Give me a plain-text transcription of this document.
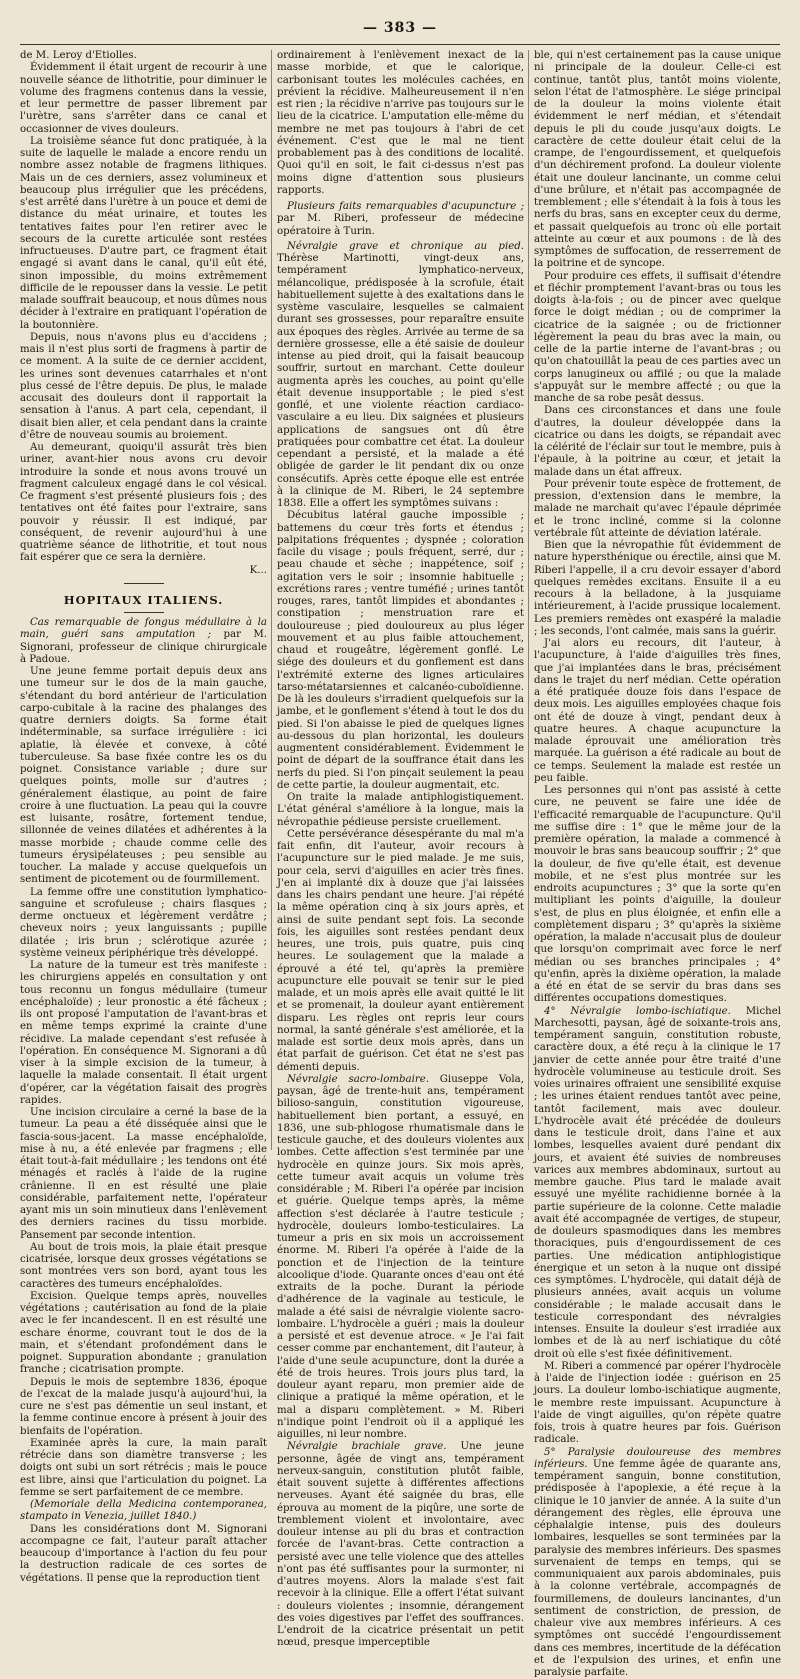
— 383 —

de M. Leroy d'Etiolles.

Évidemment il était urgent de recourir à une nouvelle séance de lithotritie, pour diminuer le volume des fragmens contenus dans la vessie, et leur permettre de passer librement par l'urètre, sans s'arrêter dans ce canal et occasionner de vives douleurs.

La troisième séance fut donc pratiquée, à la suite de laquelle le malade a encore rendu un nombre assez notable de fragmens lithiques. Mais un de ces derniers, assez volumineux et beaucoup plus irrégulier que les précédens, s'est arrêté dans l'urètre à un pouce et demi de distance du méat urinaire, et toutes les tentatives faites pour l'en retirer avec le secours de la curette articulée sont restées infructueuses. D'autre part, ce fragment était engagé si avant dans le canal, qu'il eût été, sinon impossible, du moins extrêmement difficile de le repousser dans la vessie. Le petit malade souffrait beaucoup, et nous dûmes nous décider à l'extraire en pratiquant l'opération de la boutonnière.

Depuis, nous n'avons plus eu d'accidens ; mais il n'est plus sorti de fragmens à partir de ce moment. A la suite de ce dernier accident, les urines sont devenues catarrhales et n'ont plus cessé de l'être depuis. De plus, le malade accusait des douleurs dont il rapportait la sensation à l'anus. A part cela, cependant, il disait bien aller, et cela pendant dans la crainte d'être de nouveau soumis au broiement.

Au demeurant, quoiqu'il assurât très bien uriner, avant-hier nous avons cru devoir introduire la sonde et nous avons trouvé un fragment calculeux engagé dans le col vésical. Ce fragment s'est présenté plusieurs fois ; des tentatives ont été faites pour l'extraire, sans pouvoir y réussir. Il est indiqué, par conséquent, de revenir aujourd'hui à une quatrième séance de lithotritie, et tout nous fait espérer que ce sera la dernière.

K...

HOPITAUX ITALIENS.

Cas remarquable de fongus médullaire à la main, guéri sans amputation ; par M. Signorani, professeur de clinique chirurgicale à Padoue.

Une jeune femme portait depuis deux ans une tumeur sur le dos de la main gauche, s'étendant du bord antérieur de l'articulation carpo-cubitale à la racine des phalanges des quatre derniers doigts. Sa forme était indéterminable, sa surface irrégulière : ici aplatie, là élevée et convexe, à côté tuberculeuse. Sa base fixée contre les os du poignet. Consistance variable ; dure sur quelques points, molle sur d'autres ; généralement élastique, au point de faire croire à une fluctuation. La peau qui la couvre est luisante, rosâtre, fortement tendue, sillonnée de veines dilatées et adhérentes à la masse morbide ; chaude comme celle des tumeurs érysipélateuses ; peu sensible au toucher. La malade y accuse quelquefois un sentiment de picotement ou de fourmillement.

La femme offre une constitution lymphatico-sanguine et scrofuleuse ; chairs flasques ; derme onctueux et légèrement verdâtre ; cheveux noirs ; yeux languissants ; pupille dilatée ; iris brun ; sclérotique azurée ; système veineux périphérique très développé.

La nature de la tumeur est très manifeste : les chirurgiens appelés en consultation y ont tous reconnu un fongus médullaire (tumeur encéphaloïde) ; leur pronostic a été fâcheux ; ils ont proposé l'amputation de l'avant-bras et en même temps exprimé la crainte d'une récidive. La malade cependant s'est refusée à l'opération. En conséquence M. Signorani a dû viser à la simple excision de la tumeur, à laquelle la malade consentait. Il était urgent d'opérer, car la végétation faisait des progrès rapides.

Une incision circulaire a cerné la base de la tumeur. La peau a été disséquée ainsi que le fascia-sous-jacent. La masse encéphaloïde, mise à nu, a été enlevée par fragmens ; elle était tout-à-fait médullaire ; les tendons ont été ménagés et raclés à l'aide de la rugine crânienne. Il en est résulté une plaie considérable, parfaitement nette, l'opérateur ayant mis un soin minutieux dans l'enlèvement des derniers racines du tissu morbide. Pansement par seconde intention.

Au bout de trois mois, la plaie était presque cicatrisée, lorsque deux grosses végétations se sont montrées vers son bord, ayant tous les caractères des tumeurs encéphaloïdes.

Excision. Quelque temps après, nouvelles végétations ; cautérisation au fond de la plaie avec le fer incandescent. Il en est résulté une eschare énorme, couvrant tout le dos de la main, et s'étendant profondément dans le poignet. Suppuration abondante ; granulation franche ; cicatrisation prompte.

Depuis le mois de septembre 1836, époque de l'excat de la malade jusqu'à aujourd'hui, la cure ne s'est pas démentie un seul instant, et la femme continue encore à présent à jouir des bienfaits de l'opération.

Examinée après la cure, la main paraît rétrécie dans son diamètre transverse ; les doigts ont subi un sort rétrécis ; mais le pouce est libre, ainsi que l'articulation du poignet. La femme se sert parfaitement de ce membre.

(Memoriale della Medicina contemporanea, stampato in Venezia, juillet 1840.)

Dans les considérations dont M. Signorani accompagne ce fait, l'auteur paraît attacher beaucoup d'importance à l'action du feu pour la destruction radicale de ces sortes de végétations. Il pense que la reproduction tient

ordinairement à l'enlèvement inexact de la masse morbide, et que le calorique, carbonisant toutes les molécules cachées, en prévient la récidive. Malheureusement il n'en est rien ; la récidive n'arrive pas toujours sur le lieu de la cicatrice. L'amputation elle-même du membre ne met pas toujours à l'abri de cet événement. C'est que le mal ne tient probablement pas à des conditions de localité. Quoi qu'il en soit, le fait ci-dessus n'est pas moins digne d'attention sous plusieurs rapports.

Plusieurs faits remarquables d'acupuncture ; par M. Riberi, professeur de médecine opératoire à Turin.

Névralgie grave et chronique au pied. Thérèse Martinotti, vingt-deux ans, tempérament lymphatico-nerveux, mélancolique, prédisposée à la scrofule, était habituellement sujette à des exaltations dans le système vasculaire, lesquelles se calmaient durant ses grossesses, pour reparaître ensuite aux époques des règles. Arrivée au terme de sa dernière grossesse, elle a été saisie de douleur intense au pied droit, qui la faisait beaucoup souffrir, surtout en marchant. Cette douleur augmenta après les couches, au point qu'elle était devenue insupportable ; le pied s'est gonflé, et une violente réaction cardiaco-vasculaire a eu lieu. Dix saignées et plusieurs applications de sangsues ont dû être pratiquées pour combattre cet état. La douleur cependant a persisté, et la malade a été obligée de garder le lit pendant dix ou onze consécutifs. Après cette époque elle est entrée à la clinique de M. Riberi, le 24 septembre 1838. Elle a offert les symptômes suivans :

Décubitus latéral gauche impossible ; battemens du cœur très forts et étendus ; palpitations fréquentes ; dyspnée ; coloration facile du visage ; pouls fréquent, serré, dur ; peau chaude et sèche ; inappétence, soif ; agitation vers le soir ; insomnie habituelle ; excrétions rares ; ventre tuméfié ; urines tantôt rouges, rares, tantôt limpides et abondantes ; constipation ; menstruation rare et douloureuse ; pied douloureux au plus léger mouvement et au plus faible attouchement, chaud et rougeâtre, légèrement gonflé. Le siége des douleurs et du gonflement est dans l'extrémité externe des lignes articulaires tarso-métatarsiennes et calcanéo-cuboïdienne. De là les douleurs s'irradient quelquefois sur la jambe, et le gonflement s'étend à tout le dos du pied. Si l'on abaisse le pied de quelques lignes au-dessous du plan horizontal, les douleurs augmentent considérablement. Évidemment le point de départ de la souffrance était dans les nerfs du pied. Si l'on pinçait seulement la peau de cette partie, la douleur augmentait, etc.

On traite la malade antiphlogistiquement. L'état général s'améliore à la longue, mais la névropathie pédieuse persiste cruellement.

Cette persévérance désespérante du mal m'a fait enfin, dit l'auteur, avoir recours à l'acupuncture sur le pied malade. Je me suis, pour cela, servi d'aiguilles en acier très fines. J'en ai implanté dix à douze que j'ai laissées dans les chairs pendant une heure. J'ai répété la même opération cinq à six jours après, et ainsi de suite pendant sept fois. La seconde fois, les aiguilles sont restées pendant deux heures, une trois, puis quatre, puis cinq heures. Le soulagement que la malade a éprouvé a été tel, qu'après la première acupuncture elle pouvait se tenir sur le pied malade, et un mois après elle avait quitté le lit et se promenait, la douleur ayant entièrement disparu. Les règles ont repris leur cours normal, la santé générale s'est améliorée, et la malade est sortie deux mois après, dans un état parfait de guérison. Cet état ne s'est pas démenti depuis.

Névralgie sacro-lombaire. Giuseppe Vola, paysan, âgé de trente-huit ans, tempérament bilioso-sanguin, constitution vigoureuse, habituellement bien portant, a essuyé, en 1836, une sub-phlogose rhumatismale dans le testicule gauche, et des douleurs violentes aux lombes. Cette affection s'est terminée par une hydrocèle en quinze jours. Six mois après, cette tumeur avait acquis un volume très considérable ; M. Riberi l'a opérée par incision et guérie. Quelque temps après, la même affection s'est déclarée à l'autre testicule ; hydrocèle, douleurs lombo-testiculaires. La tumeur a pris en six mois un accroissement énorme. M. Riberi l'a opérée à l'aide de la ponction et de l'injection de la teinture alcoolique d'iode. Quarante onces d'eau ont été extraits de la poche. Durant la période d'adhérence de la vaginale au testicule, le malade a été saisi de névralgie violente sacro-lombaire. L'hydrocèle a guéri ; mais la douleur a persisté et est devenue atroce. « Je l'ai fait cesser comme par enchantement, dit l'auteur, à l'aide d'une seule acupuncture, dont la durée a été de trois heures. Trois jours plus tard, la douleur ayant reparu, mon premier aide de clinique a pratiqué la même opération, et le mal a disparu complètement. » M. Riberi n'indique point l'endroit où il a appliqué les aiguilles, ni leur nombre.

Névralgie brachiale grave. Une jeune personne, âgée de vingt ans, tempérament nerveux-sanguin, constitution plutôt faible, était souvent sujette à différentes affections nerveuses. Ayant été saignée du bras, elle éprouva au moment de la piqûre, une sorte de tremblement violent et involontaire, avec douleur intense au pli du bras et contraction forcée de l'avant-bras. Cette contraction a persisté avec une telle violence que des attelles n'ont pas été suffisantes pour la surmonter, ni d'autres moyens. Alors la malade s'est fait recevoir à la clinique. Elle a offert l'état suivant : douleurs violentes ; insomnie, dérangement des voies digestives par l'effet des souffrances. L'endroit de la cicatrice présentait un petit nœud, presque imperceptible

ble, qui n'est certainement pas la cause unique ni principale de la douleur. Celle-ci est continue, tantôt plus, tantôt moins violente, selon l'état de l'atmosphère. Le siége principal de la douleur la moins violente était évidemment le nerf médian, et s'étendait depuis le pli du coude jusqu'aux doigts. Le caractère de cette douleur était celui de la crampe, de l'engourdissement, et quelquefois d'un déchirement profond. La douleur violente était une douleur lancinante, un comme celui d'une brûlure, et n'était pas accompagnée de tremblement ; elle s'étendait à la fois à tous les nerfs du bras, sans en excepter ceux du derme, et passait quelquefois au tronc où elle portait atteinte au cœur et aux poumons : de là des symptômes de suffocation, de resserrement de la poitrine et de syncope.

Pour produire ces effets, il suffisait d'étendre et fléchir promptement l'avant-bras ou tous les doigts à-la-fois ; ou de pincer avec quelque force le doigt médian ; ou de comprimer la cicatrice de la saignée ; ou de frictionner légèrement la peau du bras avec la main, ou celle de la partie interne de l'avant-bras ; ou qu'on chatouillât la peau de ces parties avec un corps lanugineux ou affilé ; ou que la malade s'appuyât sur le membre affecté ; ou que la manche de sa robe pesât dessus.

Dans ces circonstances et dans une foule d'autres, la douleur développée dans la cicatrice ou dans les doigts, se répandait avec la célérité de l'éclair sur tout le membre, puis à l'épaule, à la poitrine au cœur, et jetait la malade dans un état affreux.

Pour prévenir toute espèce de frottement, de pression, d'extension dans le membre, la malade ne marchait qu'avec l'épaule déprimée et le tronc incliné, comme si la colonne vertébrale fût atteinte de déviation latérale.

Bien que la névropathie fût évidemment de nature hypersthénique ou érectile, ainsi que M. Riberi l'appelle, il a cru devoir essayer d'abord quelques remèdes excitans. Ensuite il a eu recours à la belladone, à la jusquiame intérieurement, à l'acide prussique localement. Les premiers remèdes ont exaspéré la maladie ; les seconds, l'ont calmée, mais sans la guérir.

J'ai alors eu recours, dit l'auteur, à l'acupuncture, à l'aide d'aiguilles très fines, que j'ai implantées dans le bras, précisément dans le trajet du nerf médian. Cette opération a été pratiquée douze fois dans l'espace de deux mois. Les aiguilles employées chaque fois ont été de douze à vingt, pendant deux à quatre heures. A chaque acupuncture la malade éprouvait une amélioration très marquée. La guérison a été radicale au bout de ce temps. Seulement la malade est restée un peu faible.

Les personnes qui n'ont pas assisté à cette cure, ne peuvent se faire une idée de l'efficacité remarquable de l'acupuncture. Qu'il me suffise dire : 1° que le même jour de la première opération, la malade a commencé à mouvoir le bras sans beaucoup souffrir ; 2° que la douleur, de five qu'elle était, est devenue mobile, et ne s'est plus montrée sur les endroits acupunctures ; 3° que la sorte qu'en multipliant les points d'aiguille, la douleur s'est, de plus en plus éloignée, et enfin elle a complètement disparu ; 3° qu'après la sixième opération, la malade n'accusait plus de douleur que lorsqu'on comprimait avec force le nerf médian ou ses branches principales ; 4° qu'enfin, après la dixième opération, la malade a été en état de se servir du bras dans ses différentes occupations domestiques.

4° Névralgie lombo-ischiatique. Michel Marchesotti, paysan, âgé de soixante-trois ans, tempérament sanguin, constitution robuste, caractère doux, a été reçu à la clinique le 17 janvier de cette année pour être traité d'une hydrocèle volumineuse au testicule droit. Ses voies urinaires offraient une sensibilité exquise ; les urines étaient rendues tantôt avec peine, tantôt facilement, mais avec douleur. L'hydrocèle avait été précédée de douleurs dans le testicule droit, dans l'aine et aux lombes, lesquelles avaient duré pendant dix jours, et avaient été suivies de nombreuses varices aux membres abdominaux, surtout au membre gauche. Plus tard le malade avait essuyé une myélite rachidienne bornée à la partie supérieure de la colonne. Cette maladie avait été accompagnée de vertiges, de stupeur, de douleurs spasmodiques dans les membres thoraciques, puis d'engourdissement de ces parties. Une médication antiphlogistique énergique et un seton à la nuque ont dissipé ces symptômes. L'hydrocèle, qui datait déjà de plusieurs années, avait acquis un volume considérable ; le malade accusait dans le testicule correspondant des névralgies intenses. Ensuite la douleur s'est irradiée aux lombes et de là au nerf ischiatique du côté droit où elle s'est fixée définitivement.

M. Riberi a commencé par opérer l'hydrocèle à l'aide de l'injection iodée : guérison en 25 jours. La douleur lombo-ischiatique augmente, le membre reste impuissant. Acupuncture à l'aide de vingt aiguilles, qu'on répète quatre fois, trois à quatre heures par fois. Guérison radicale.

5° Paralysie douloureuse des membres inférieurs. Une femme âgée de quarante ans, tempérament sanguin, bonne constitution, prédisposée à l'apoplexie, a été reçue à la clinique le 10 janvier de année. A la suite d'un dérangement des règles, elle éprouva une céphalalgie intense, puis des douleurs lombaires, lesquelles se sont terminées par la paralysie des membres inférieurs. Des spasmes survenaient de temps en temps, qui se communiquaient aux parois abdominales, puis à la colonne vertébrale, accompagnés de fourmillemens, de douleurs lancinantes, d'un sentiment de constriction, de pression, de chaleur vive aux membres inférieurs. A ces symptômes ont succédé l'engourdissement dans ces membres, incertitude de la défécation et de l'expulsion des urines, et enfin une paralysie parfaite.
